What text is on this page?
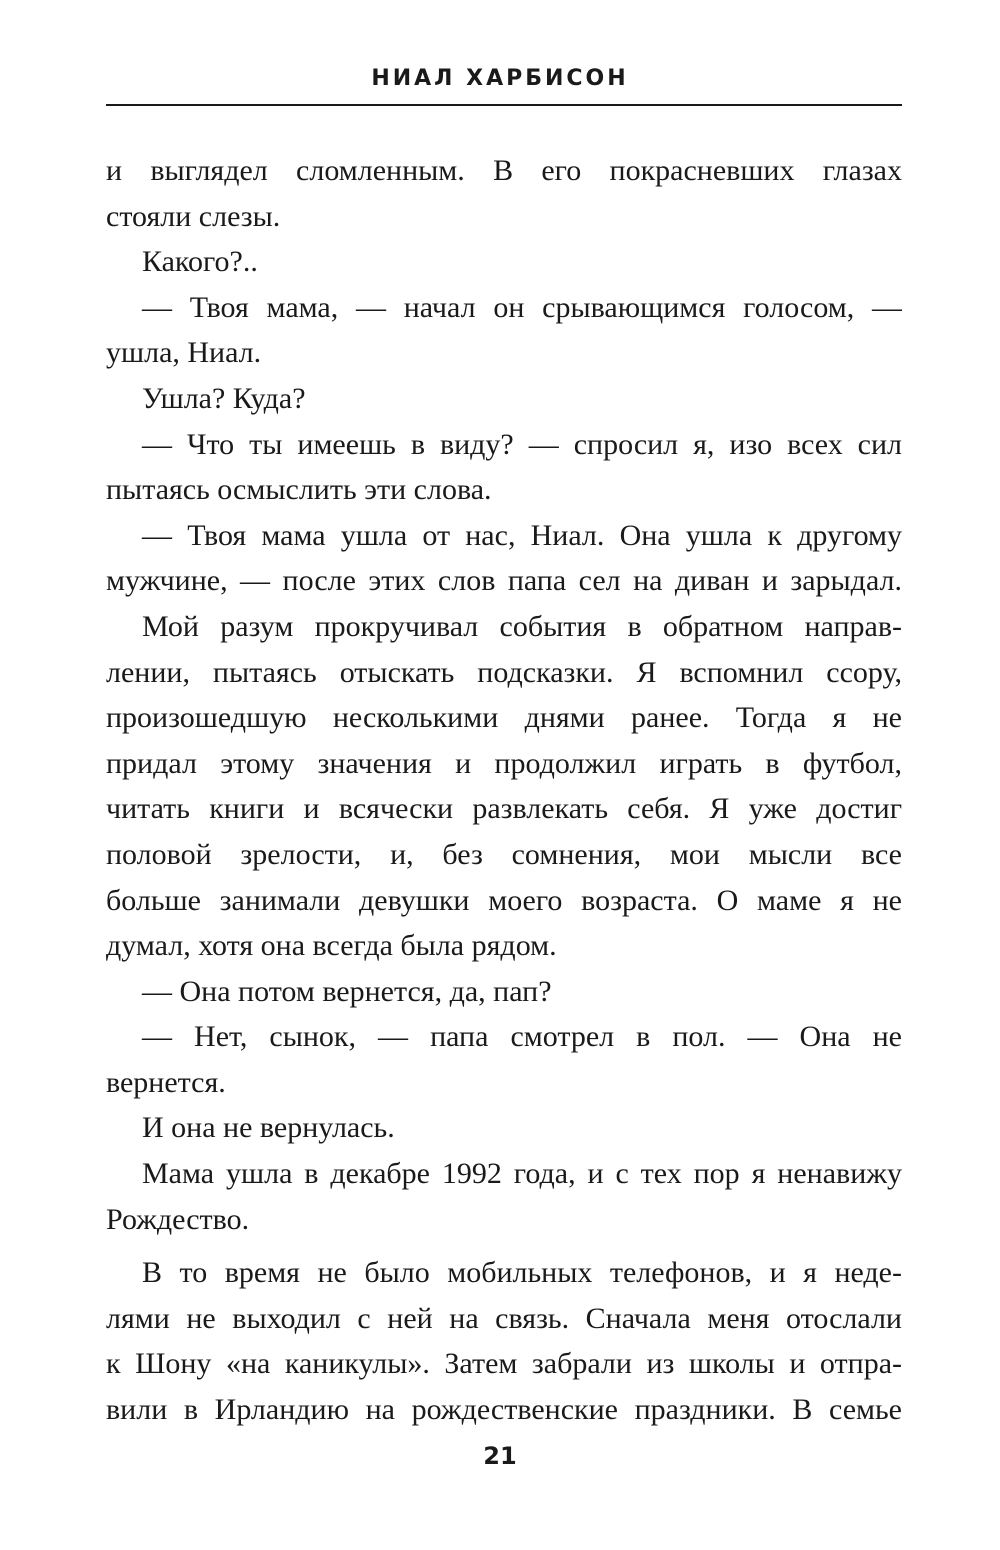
НИАЛ ХАРБИСОН
и выглядел сломленным. В его покрасневших глазах
стояли слезы.
Какого?..
— Твоя мама, — начал он срывающимся голосом, —
ушла, Ниал.
Ушла? Куда?
— Что ты имеешь в виду? — спросил я, изо всех сил
пытаясь осмыслить эти слова.
— Твоя мама ушла от нас, Ниал. Она ушла к другому
мужчине, — после этих слов папа сел на диван и зарыдал.
Мой разум прокручивал события в обратном направ-
лении, пытаясь отыскать подсказки. Я вспомнил ссору,
произошедшую несколькими днями ранее. Тогда я не
придал этому значения и продолжил играть в футбол,
читать книги и всячески развлекать себя. Я уже достиг
половой зрелости, и, без сомнения, мои мысли все
больше занимали девушки моего возраста. О маме я не
думал, хотя она всегда была рядом.
— Она потом вернется, да, пап?
— Нет, сынок, — папа смотрел в пол. — Она не
вернется.
И она не вернулась.
Мама ушла в декабре 1992 года, и с тех пор я ненавижу
Рождество.
В то время не было мобильных телефонов, и я неде-
лями не выходил с ней на связь. Сначала меня отослали
к Шону «на каникулы». Затем забрали из школы и отпра-
вили в Ирландию на рождественские праздники. В семье
21
